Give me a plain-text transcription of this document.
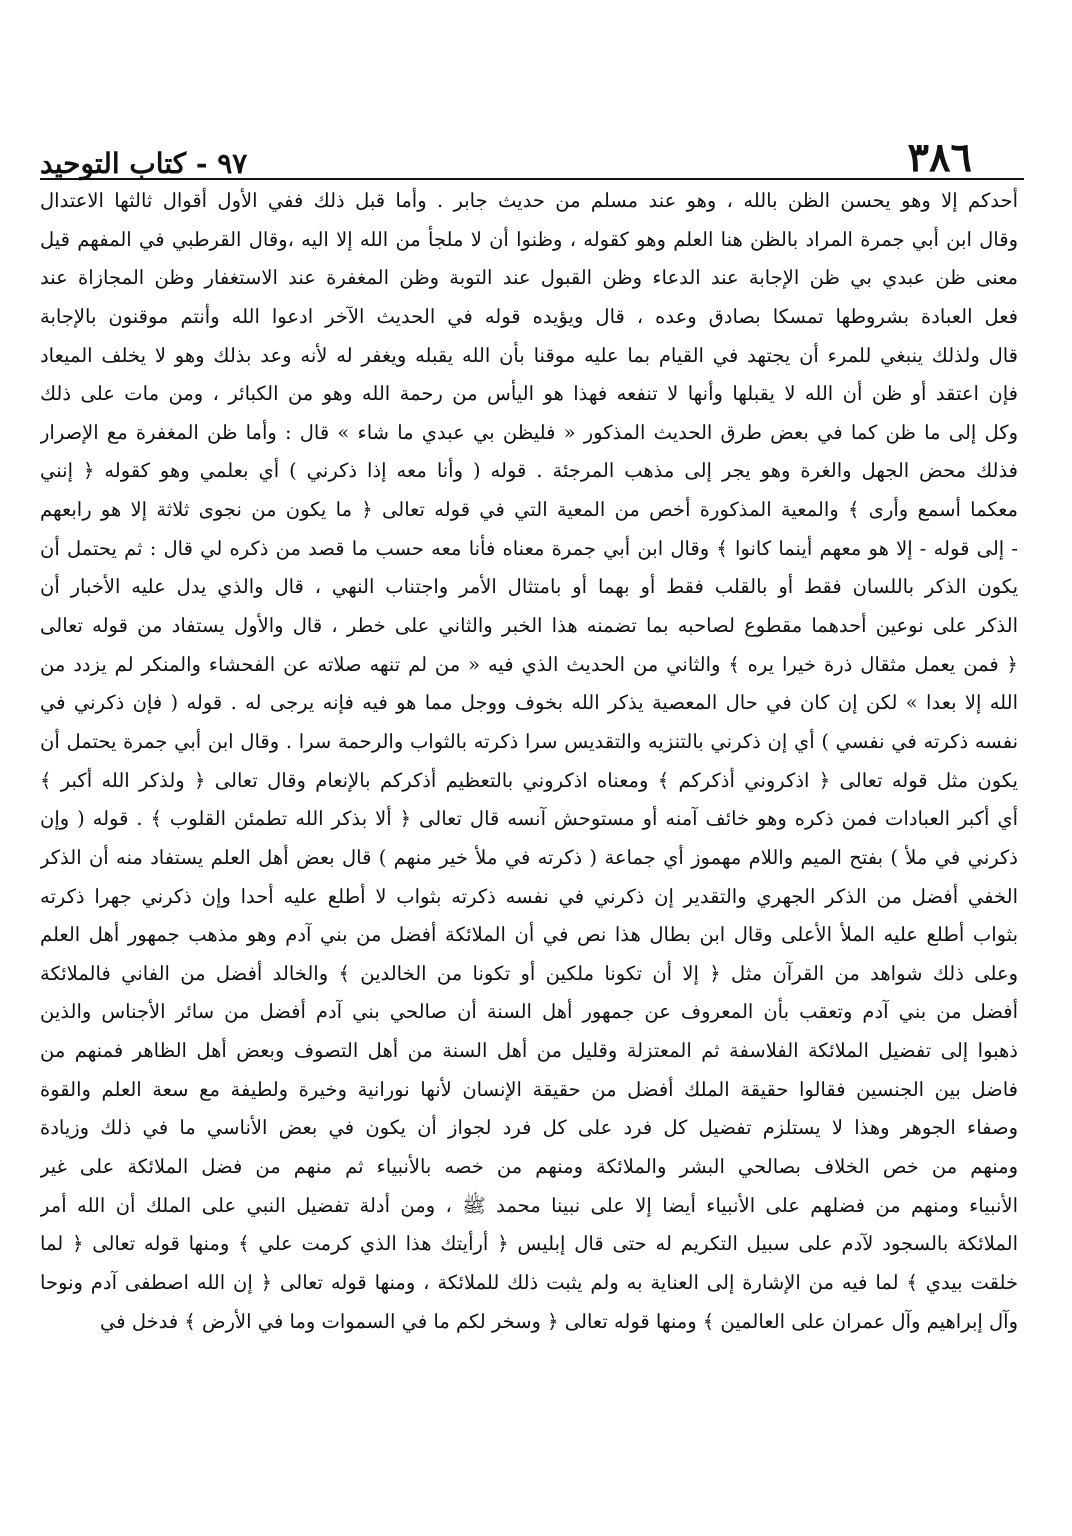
٣٨٦
٩٧ - كتاب التوحيد
أحدكم إلا وهو يحسن الظن بالله ، وهو عند مسلم من حديث جابر . وأما قبل ذلك ففي الأول أقوال ثالثها الاعتدال
وقال ابن أبي جمرة المراد بالظن هنا العلم وهو كقوله ، وظنوا أن لا ملجأ من الله إلا اليه ،وقال القرطبي في المفهم قيل
معنى ظن عبدي بي ظن الإجابة عند الدعاء وظن القبول عند التوبة وظن المغفرة عند الاستغفار وظن المجازاة عند
فعل العبادة بشروطها تمسكا بصادق وعده ، قال ويؤيده قوله في الحديث الآخر ادعوا الله وأنتم موقنون بالإجابة
قال ولذلك ينبغي للمرء أن يجتهد في القيام بما عليه موقنا بأن الله يقبله ويغفر له لأنه وعد بذلك وهو لا يخلف الميعاد
فإن اعتقد أو ظن أن الله لا يقبلها وأنها لا تنفعه فهذا هو اليأس من رحمة الله وهو من الكبائر ، ومن مات على ذلك
وكل إلى ما ظن كما في بعض طرق الحديث المذكور « فليظن بي عبدي ما شاء » قال : وأما ظن المغفرة مع الإصرار
فذلك محض الجهل والغرة وهو يجر إلى مذهب المرجئة . قوله ( وأنا معه إذا ذكرني ) أي بعلمي وهو كقوله ﴿ إنني
معكما أسمع وأرى ﴾ والمعية المذكورة أخص من المعية التي في قوله تعالى ﴿ ما يكون من نجوى ثلاثة إلا هو رابعهم
- إلى قوله - إلا هو معهم أينما كانوا ﴾ وقال ابن أبي جمرة معناه فأنا معه حسب ما قصد من ذكره لي قال : ثم يحتمل أن
يكون الذكر باللسان فقط أو بالقلب فقط أو بهما أو بامتثال الأمر واجتناب النهي ، قال والذي يدل عليه الأخبار أن
الذكر على نوعين أحدهما مقطوع لصاحبه بما تضمنه هذا الخبر والثاني على خطر ، قال والأول يستفاد من قوله تعالى
﴿ فمن يعمل مثقال ذرة خيرا يره ﴾ والثاني من الحديث الذي فيه « من لم تنهه صلاته عن الفحشاء والمنكر لم يزدد من
الله إلا بعدا » لكن إن كان في حال المعصية يذكر الله بخوف ووجل مما هو فيه فإنه يرجى له . قوله ( فإن ذكرني في
نفسه ذكرته في نفسي ) أي إن ذكرني بالتنزيه والتقديس سرا ذكرته بالثواب والرحمة سرا . وقال ابن أبي جمرة يحتمل أن
يكون مثل قوله تعالى ﴿ اذكروني أذكركم ﴾ ومعناه اذكروني بالتعظيم أذكركم بالإنعام وقال تعالى ﴿ ولذكر الله أكبر ﴾
أي أكبر العبادات فمن ذكره وهو خائف آمنه أو مستوحش آنسه قال تعالى ﴿ ألا بذكر الله تطمئن القلوب ﴾ . قوله ( وإن
ذكرني في ملأ ) بفتح الميم واللام مهموز أي جماعة ( ذكرته في ملأ خير منهم ) قال بعض أهل العلم يستفاد منه أن الذكر
الخفي أفضل من الذكر الجهري والتقدير إن ذكرني في نفسه ذكرته بثواب لا أطلع عليه أحدا وإن ذكرني جهرا ذكرته
بثواب أطلع عليه الملأ الأعلى وقال ابن بطال هذا نص في أن الملائكة أفضل من بني آدم وهو مذهب جمهور أهل العلم
وعلى ذلك شواهد من القرآن مثل ﴿ إلا أن تكونا ملكين أو تكونا من الخالدين ﴾ والخالد أفضل من الفاني فالملائكة
أفضل من بني آدم وتعقب بأن المعروف عن جمهور أهل السنة أن صالحي بني آدم أفضل من سائر الأجناس والذين
ذهبوا إلى تفضيل الملائكة الفلاسفة ثم المعتزلة وقليل من أهل السنة من أهل التصوف وبعض أهل الظاهر فمنهم من
فاضل بين الجنسين فقالوا حقيقة الملك أفضل من حقيقة الإنسان لأنها نورانية وخيرة ولطيفة مع سعة العلم والقوة
وصفاء الجوهر وهذا لا يستلزم تفضيل كل فرد على كل فرد لجواز أن يكون في بعض الأناسي ما في ذلك وزيادة
ومنهم من خص الخلاف بصالحي البشر والملائكة ومنهم من خصه بالأنبياء ثم منهم من فضل الملائكة على غير
الأنبياء ومنهم من فضلهم على الأنبياء أيضا إلا على نبينا محمد ﷺ ، ومن أدلة تفضيل النبي على الملك أن الله أمر
الملائكة بالسجود لآدم على سبيل التكريم له حتى قال إبليس ﴿ أرأيتك هذا الذي كرمت علي ﴾ ومنها قوله تعالى ﴿ لما
خلقت بيدي ﴾ لما فيه من الإشارة إلى العناية به ولم يثبت ذلك للملائكة ، ومنها قوله تعالى ﴿ إن الله اصطفى آدم ونوحا
وآل إبراهيم وآل عمران على العالمين ﴾ ومنها قوله تعالى ﴿ وسخر لكم ما في السموات وما في الأرض ﴾ فدخل في
